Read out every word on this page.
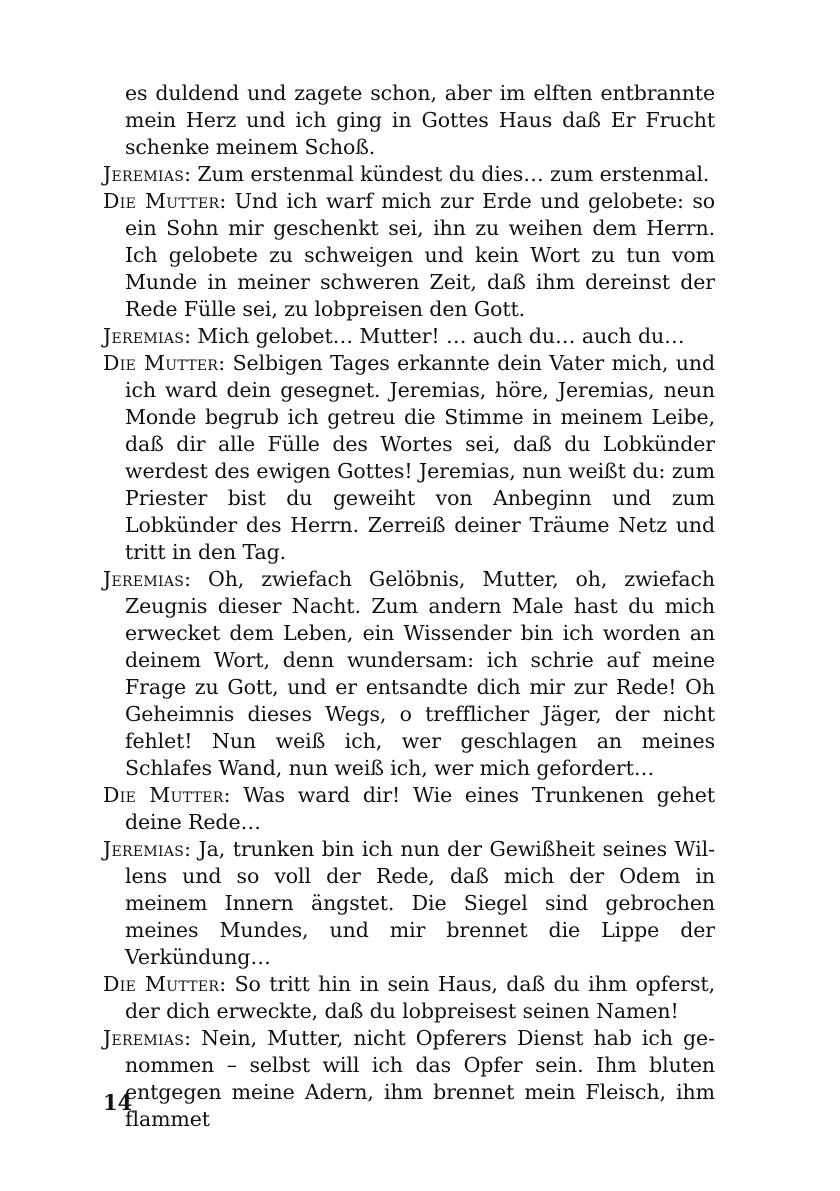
es duldend und zagete schon, aber im elften entbrannte mein Herz und ich ging in Gottes Haus daß Er Frucht schenke meinem Schoß.

Jeremias: Zum erstenmal kündest du dies… zum erstenmal.

Die Mutter: Und ich warf mich zur Erde und gelobete: so ein Sohn mir geschenkt sei, ihn zu weihen dem Herrn. Ich gelobete zu schweigen und kein Wort zu tun vom Munde in meiner schweren Zeit, daß ihm dereinst der Rede Fülle sei, zu lobpreisen den Gott.

Jeremias: Mich gelobet… Mutter! … auch du… auch du…

Die Mutter: Selbigen Tages erkannte dein Vater mich, und ich ward dein gesegnet. Jeremias, höre, Jeremias, neun Monde begrub ich getreu die Stimme in meinem Leibe, daß dir alle Fülle des Wortes sei, daß du Lobkünder werdest des ewigen Gottes! Jeremias, nun weißt du: zum Priester bist du geweiht von Anbeginn und zum Lobkünder des Herrn. Zerreiß deiner Träume Netz und tritt in den Tag.

Jeremias: Oh, zwiefach Gelöbnis, Mutter, oh, zwiefach Zeugnis dieser Nacht. Zum andern Male hast du mich erwecket dem Leben, ein Wissender bin ich worden an deinem Wort, denn wundersam: ich schrie auf meine Frage zu Gott, und er entsandte dich mir zur Rede! Oh Geheimnis dieses Wegs, o trefflicher Jäger, der nicht fehlet! Nun weiß ich, wer geschlagen an meines Schlafes Wand, nun weiß ich, wer mich gefordert…

Die Mutter: Was ward dir! Wie eines Trunkenen gehet deine Rede…

Jeremias: Ja, trunken bin ich nun der Gewißheit seines Willens und so voll der Rede, daß mich der Odem in meinem Innern ängstet. Die Siegel sind gebrochen meines Mundes, und mir brennet die Lippe der Verkündung…

Die Mutter: So tritt hin in sein Haus, daß du ihm opferst, der dich erweckte, daß du lobpreisest seinen Namen!

Jeremias: Nein, Mutter, nicht Opferers Dienst hab ich genommen – selbst will ich das Opfer sein. Ihm bluten entgegen meine Adern, ihm brennet mein Fleisch, ihm flammet

14
